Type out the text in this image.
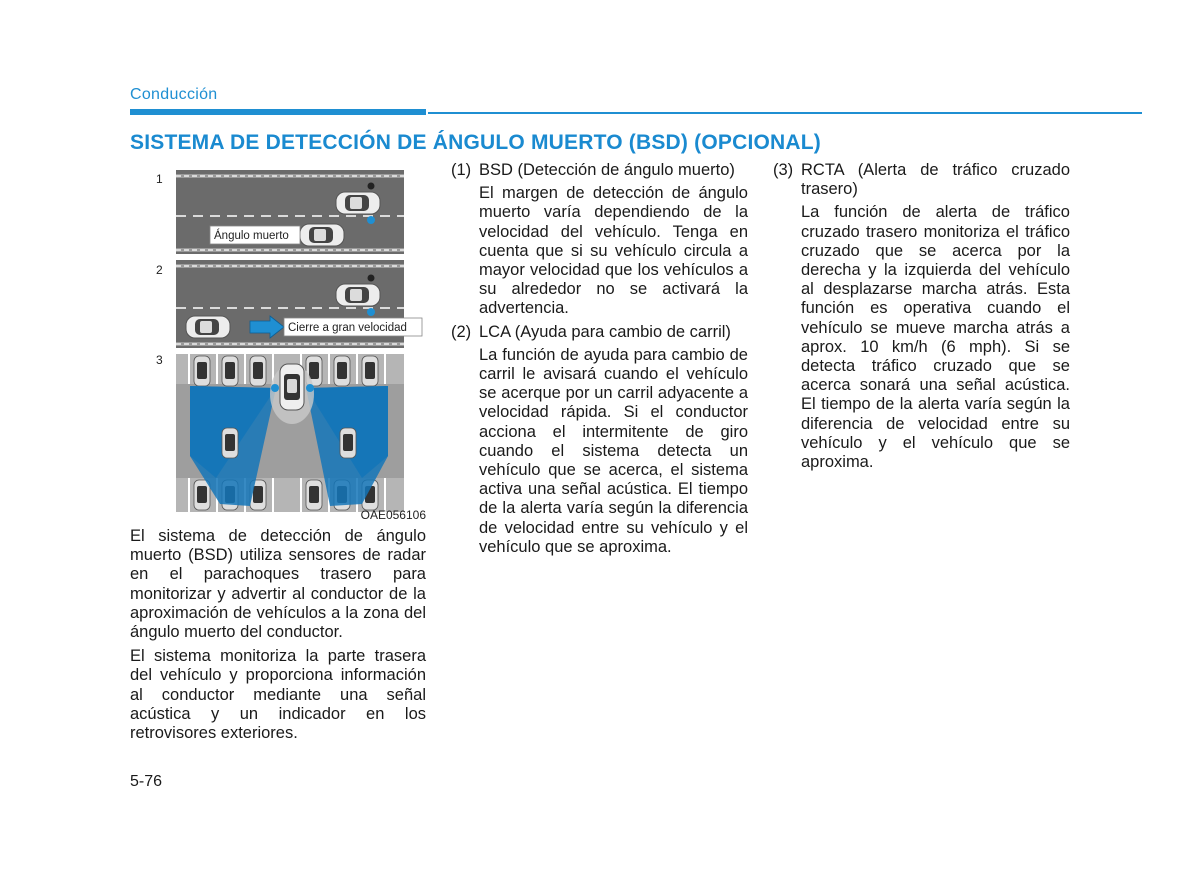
Conducción
SISTEMA DE DETECCIÓN DE ÁNGULO MUERTO (BSD) (OPCIONAL)
1
2
3
Ángulo muerto
Cierre a gran velocidad
OAE056106

El sistema de detección de ángulo muerto (BSD) utiliza sensores de radar en el parachoques trasero para monitorizar y advertir al conductor de la aproximación de vehículos a la zona del ángulo muerto del conductor.

El sistema monitoriza la parte trasera del vehículo y proporciona información al conductor mediante una señal acústica y un indicador en los retrovisores exteriores.

(1) BSD (Detección de ángulo muerto)
El margen de detección de ángulo muerto varía dependiendo de la velocidad del vehículo. Tenga en cuenta que si su vehículo circula a mayor velocidad que los vehículos a su alrededor no se activará la advertencia.
(2) LCA (Ayuda para cambio de carril)
La función de ayuda para cambio de carril le avisará cuando el vehículo se acerque por un carril adyacente a velocidad rápida. Si el conductor acciona el intermitente de giro cuando el sistema detecta un vehículo que se acerca, el sistema activa una señal acústica. El tiempo de la alerta varía según la diferencia de velocidad entre su vehículo y el vehículo que se aproxima.
(3) RCTA (Alerta de tráfico cruzado trasero)
La función de alerta de tráfico cruzado trasero monitoriza el tráfico cruzado que se acerca por la derecha y la izquierda del vehículo al desplazarse marcha atrás. Esta función es operativa cuando el vehículo se mueve marcha atrás a aprox. 10 km/h (6 mph). Si se detecta tráfico cruzado que se acerca sonará una señal acústica. El tiempo de la alerta varía según la diferencia de velocidad entre su vehículo y el vehículo que se aproxima.
5-76
